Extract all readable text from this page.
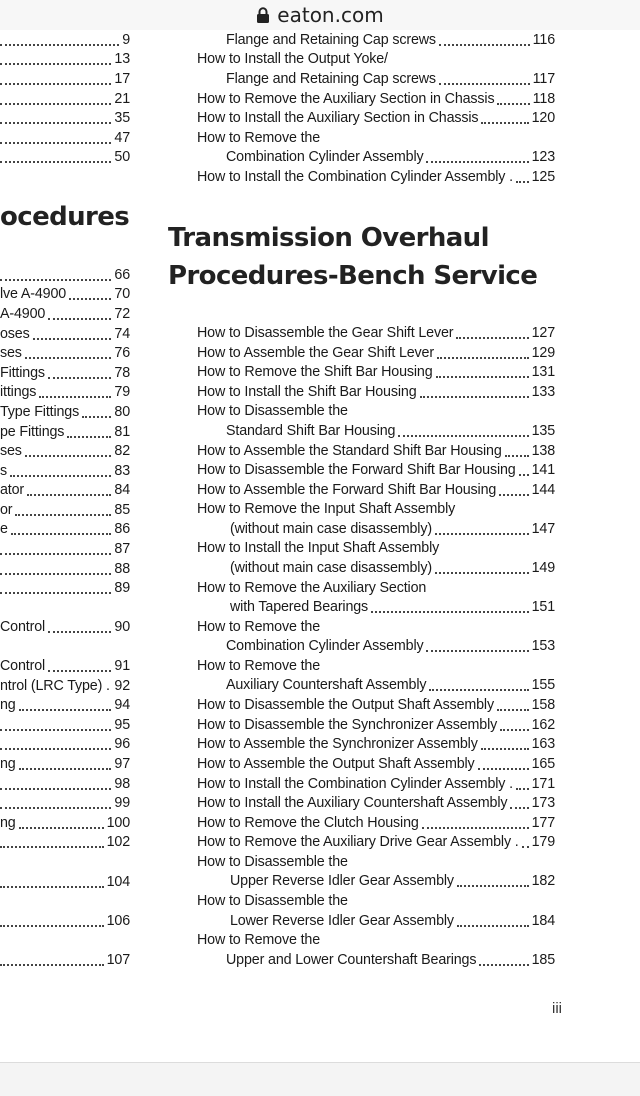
eaton.com
9
13
17
21
35
47
50
66
lve A-4900	70
A-4900	72
oses	74
ses	76
Fittings	78
ittings	79
Type Fittings 80
pe Fittings	81
ses	82
s	83
ator	84
or	85
e	86
87
88
89
Control	90
Control	91
ntrol (LRC Type) . 92
ng	94
95
96
ng	97
98
99
ng	100
102
104
106
107
ocedures
Flange and Retaining Cap screws	116
How to Install the Output Yoke/
Flange and Retaining Cap screws	117
How to Remove the Auxiliary Section in Chassis	118
How to Install the Auxiliary Section in Chassis	120
How to Remove the
Combination Cylinder Assembly	123
How to Install the Combination Cylinder Assembly . 125
Transmission Overhaul
Procedures-Bench Service
How to Disassemble the Gear Shift Lever	127
How to Assemble the Gear Shift Lever	129
How to Remove the Shift Bar Housing	131
How to Install the Shift Bar Housing	133
How to Disassemble the
Standard Shift Bar Housing	135
How to Assemble the Standard Shift Bar Housing 138
How to Disassemble the Forward Shift Bar Housing 141
How to Assemble the Forward Shift Bar Housing 144
How to Remove the Input Shaft Assembly
(without main case disassembly)	147
How to Install the Input Shaft Assembly
(without main case disassembly)	149
How to Remove the Auxiliary Section
with Tapered Bearings	151
How to Remove the
Combination Cylinder Assembly	153
How to Remove the
Auxiliary Countershaft Assembly	155
How to Disassemble the Output Shaft Assembly	158
How to Disassemble the Synchronizer Assembly 162
How to Assemble the Synchronizer Assembly	163
How to Assemble the Output Shaft Assembly	165
How to Install the Combination Cylinder Assembly . 171
How to Install the Auxiliary Countershaft Assembly 173
How to Remove the Clutch Housing	177
How to Remove the Auxiliary Drive Gear Assembly . 179
How to Disassemble the
Upper Reverse Idler Gear Assembly	182
How to Disassemble the
Lower Reverse Idler Gear Assembly	184
How to Remove the
Upper and Lower Countershaft Bearings	185
iii
